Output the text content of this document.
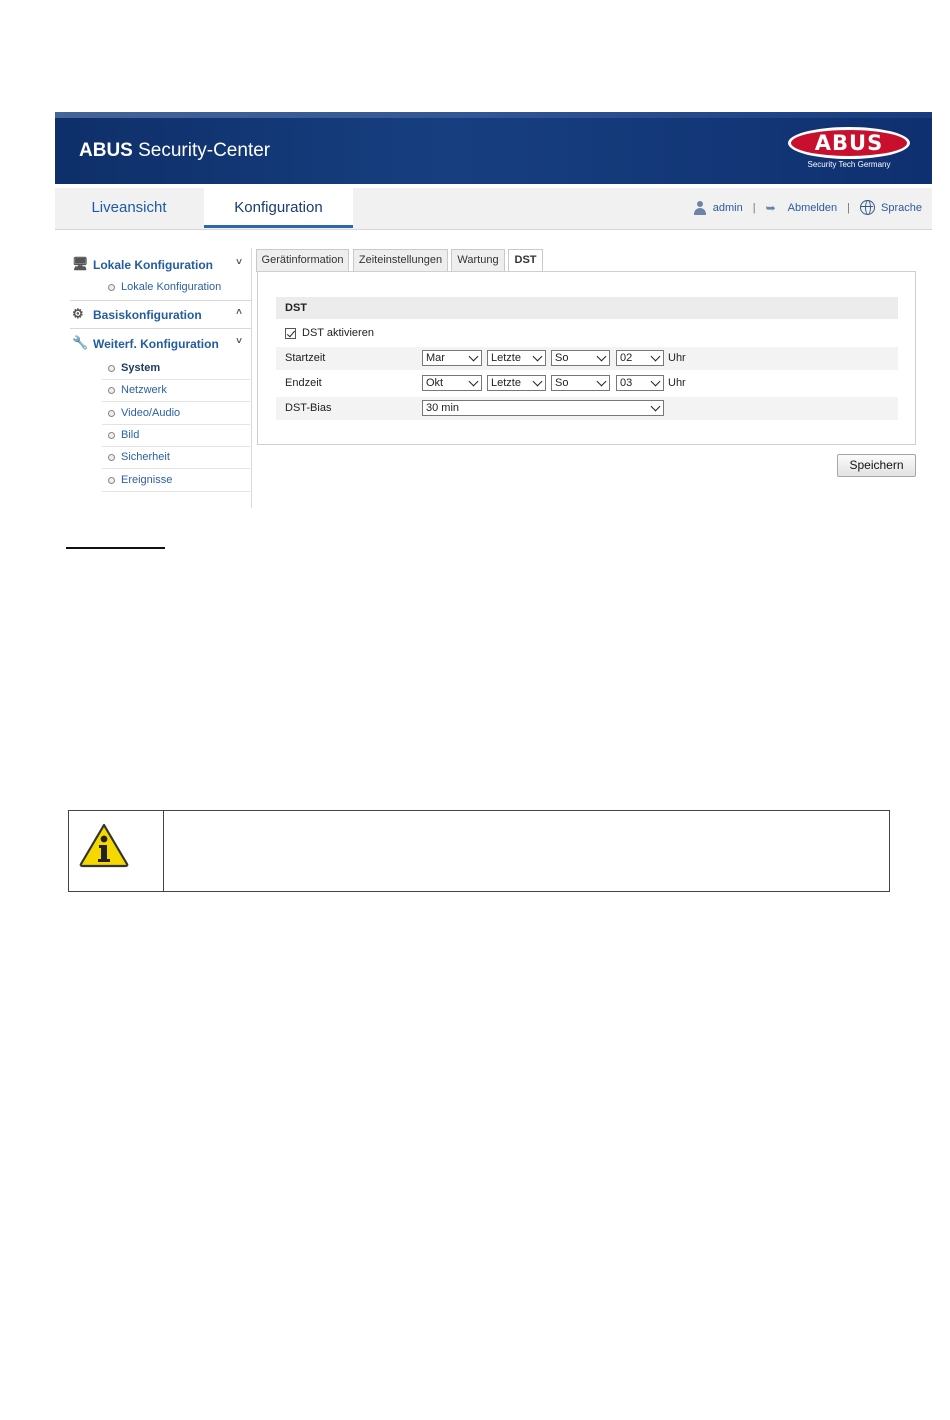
ABUS Security-Center	ABUS
Security Tech Germany
Liveansicht	Konfiguration	admin | ➥	Abmelden |	Sprache
🖥 Lokale Konfiguration ˅
Lokale Konfiguration
⚙ Basiskonfiguration	˄
🔧 Weiterf. Konfiguration ˅
System
Netzwerk
Video/Audio
Bild
Sicherheit
Ereignisse
Gerätinformation	Zeiteinstellungen	Wartung	DST
DST
DST aktivieren
Startzeit	Mar	Letzte	So	02	Uhr
Endzeit	Okt	Letzte	So	03	Uhr
DST-Bias	30 min
Speichern
